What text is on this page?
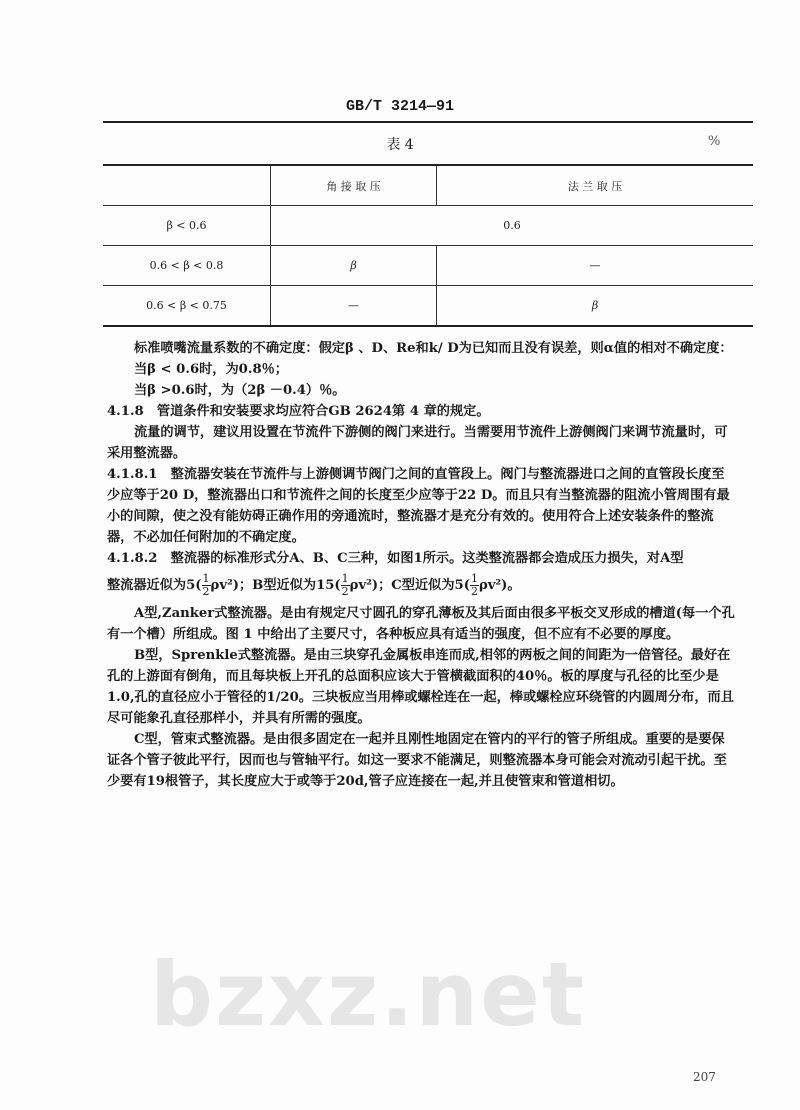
GB/T 3214—91
bzxz.net
表 4	%
	角 接 取 压	法 兰 取 压
β < 0.6	0.6	
0.6 < β < 0.8	β	—
0.6 < β < 0.75	—	β

标准喷嘴流量系数的不确定度：假定β 、D、Re和k/ D为已知而且没有误差，则α值的相对不确定度：

当β < 0.6时，为0.8％；

当β >0.6时，为（2β －0.4）％。

4.1.8　管道条件和安装要求均应符合GB 2624第 4 章的规定。

流量的调节，建议用设置在节流件下游侧的阀门来进行。当需要用节流件上游侧阀门来调节流量时，可采用整流器。

4.1.8.1　整流器安装在节流件与上游侧调节阀门之间的直管段上。阀门与整流器进口之间的直管段长度至少应等于20 D，整流器出口和节流件之间的长度至少应等于22 D。而且只有当整流器的阻流小管周围有最小的间隙，使之没有能妨碍正确作用的旁通流时，整流器才是充分有效的。使用符合上述安装条件的整流器，不必加任何附加的不确定度。

4.1.8.2　整流器的标准形式分A、B、C三种，如图1所示。这类整流器都会造成压力损失，对A型

整流器近似为$5( \frac{1}{2} \rho v^2)$；B型近似为$15( \frac{1}{2} \rho v^2)$；C型近似为$5( \frac{1}{2} \rho v^2)$。

A型,Zanker式整流器。是由有规定尺寸圆孔的穿孔薄板及其后面由很多平板交叉形成的槽道(每一个孔有一个槽）所组成。图 1 中给出了主要尺寸，各种板应具有适当的强度，但不应有不必要的厚度。

B型，Sprenkle式整流器。是由三块穿孔金属板串连而成,相邻的两板之间的间距为一倍管径。最好在孔的上游面有倒角，而且每块板上开孔的总面积应该大于管横截面积的40％。板的厚度与孔径的比至少是1.0,孔的直径应小于管径的1/20。三块板应当用棒或螺栓连在一起，棒或螺栓应环绕管的内圆周分布，而且尽可能象孔直径那样小，并具有所需的强度。

C型，管束式整流器。是由很多固定在一起并且刚性地固定在管内的平行的管子所组成。重要的是要保证各个管子彼此平行，因而也与管轴平行。如这一要求不能满足，则整流器本身可能会对流动引起干扰。至少要有19根管子，其长度应大于或等于20d,管子应连接在一起,并且使管束和管道相切。

207
